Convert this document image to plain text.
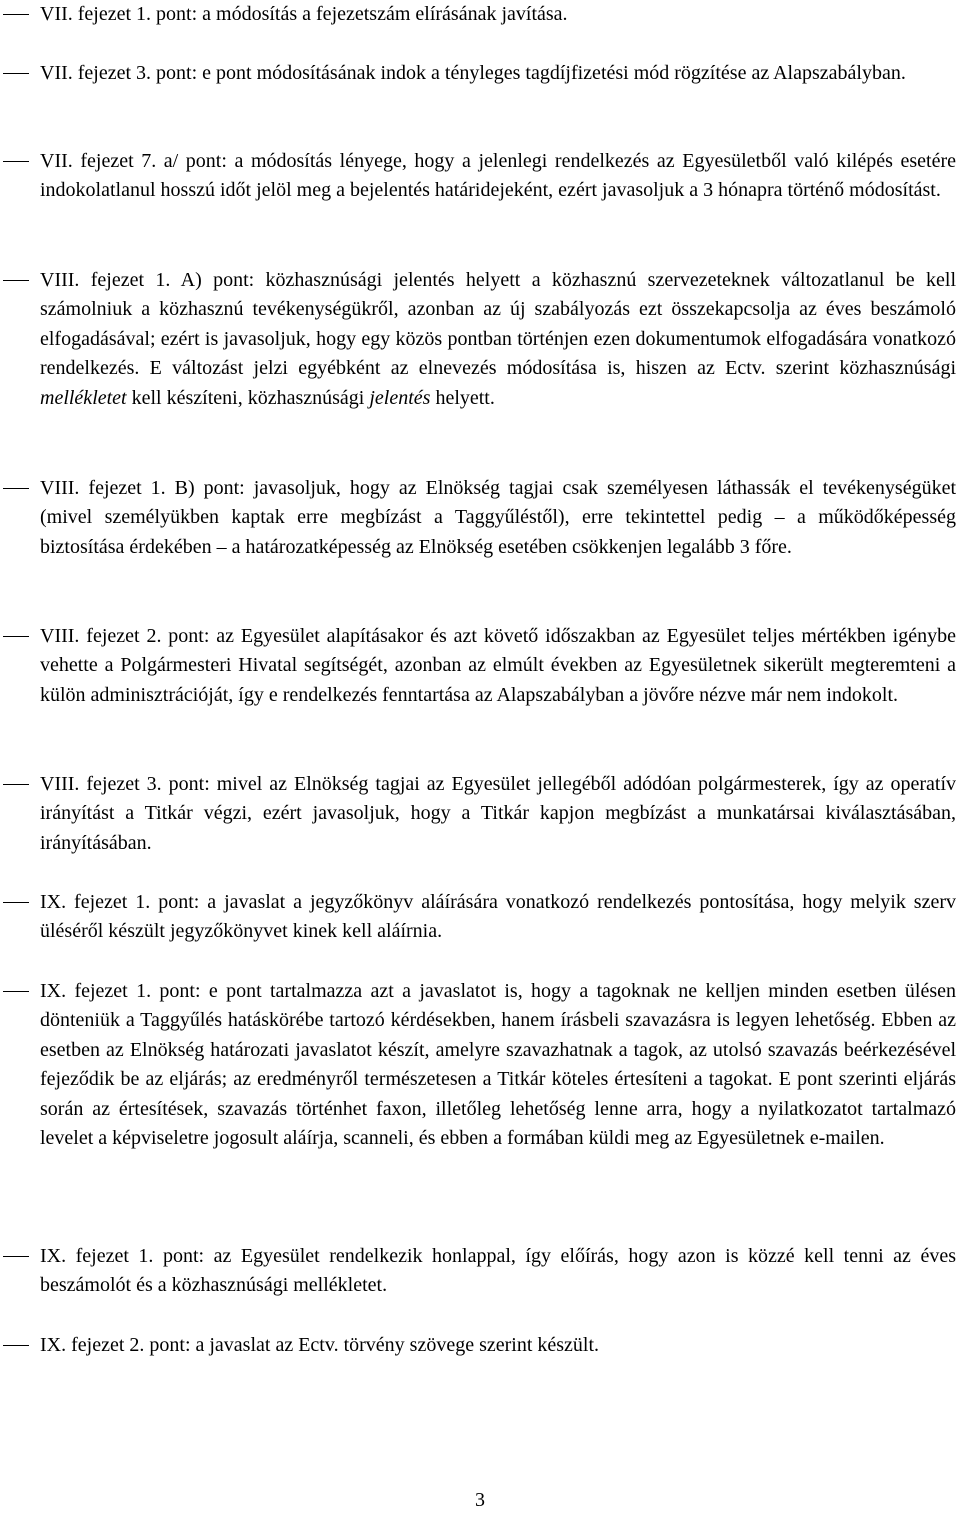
VII. fejezet 1. pont: a módosítás a fejezetszám elírásának javítása.
VII. fejezet 3. pont: e pont módosításának indok a tényleges tagdíjfizetési mód rögzítése az Alapszabályban.
VII. fejezet 7. a/ pont: a módosítás lényege, hogy a jelenlegi rendelkezés az Egyesületből való kilépés esetére indokolatlanul hosszú időt jelöl meg a bejelentés határidejeként, ezért javasoljuk a 3 hónapra történő módosítást.
VIII. fejezet 1. A) pont: közhasznúsági jelentés helyett a közhasznú szervezeteknek változatlanul be kell számolniuk a közhasznú tevékenységükről, azonban az új szabályozás ezt összekapcsolja az éves beszámoló elfogadásával; ezért is javasoljuk, hogy egy közös pontban történjen ezen dokumentumok elfogadására vonatkozó rendelkezés. E változást jelzi egyébként az elnevezés módosítása is, hiszen az Ectv. szerint közhasznúsági mellékletet kell készíteni, közhasznúsági jelentés helyett.
VIII. fejezet 1. B) pont: javasoljuk, hogy az Elnökség tagjai csak személyesen láthassák el tevékenységüket (mivel személyükben kaptak erre megbízást a Taggyűléstől), erre tekintettel pedig – a működőképesség biztosítása érdekében – a határozatképesség az Elnökség esetében csökkenjen legalább 3 főre.
VIII. fejezet 2. pont: az Egyesület alapításakor és azt követő időszakban az Egyesület teljes mértékben igénybe vehette a Polgármesteri Hivatal segítségét, azonban az elmúlt években az Egyesületnek sikerült megteremteni a külön adminisztrációját, így e rendelkezés fenntartása az Alapszabályban a jövőre nézve már nem indokolt.
VIII. fejezet 3. pont: mivel az Elnökség tagjai az Egyesület jellegéből adódóan polgármesterek, így az operatív irányítást a Titkár végzi, ezért javasoljuk, hogy a Titkár kapjon megbízást a munkatársai kiválasztásában, irányításában.
IX. fejezet 1. pont: a javaslat a jegyzőkönyv aláírására vonatkozó rendelkezés pontosítása, hogy melyik szerv üléséről készült jegyzőkönyvet kinek kell aláírnia.
IX. fejezet 1. pont: e pont tartalmazza azt a javaslatot is, hogy a tagoknak ne kelljen minden esetben ülésen dönteniük a Taggyűlés hatáskörébe tartozó kérdésekben, hanem írásbeli szavazásra is legyen lehetőség. Ebben az esetben az Elnökség határozati javaslatot készít, amelyre szavazhatnak a tagok, az utolsó szavazás beérkezésével fejeződik be az eljárás; az eredményről természetesen a Titkár köteles értesíteni a tagokat. E pont szerinti eljárás során az értesítések, szavazás történhet faxon, illetőleg lehetőség lenne arra, hogy a nyilatkozatot tartalmazó levelet a képviseletre jogosult aláírja, scanneli, és ebben a formában küldi meg az Egyesületnek e-mailen.
IX. fejezet 1. pont: az Egyesület rendelkezik honlappal, így előírás, hogy azon is közzé kell tenni az éves beszámolót és a közhasznúsági mellékletet.
IX. fejezet 2. pont: a javaslat az Ectv. törvény szövege szerint készült.
3
